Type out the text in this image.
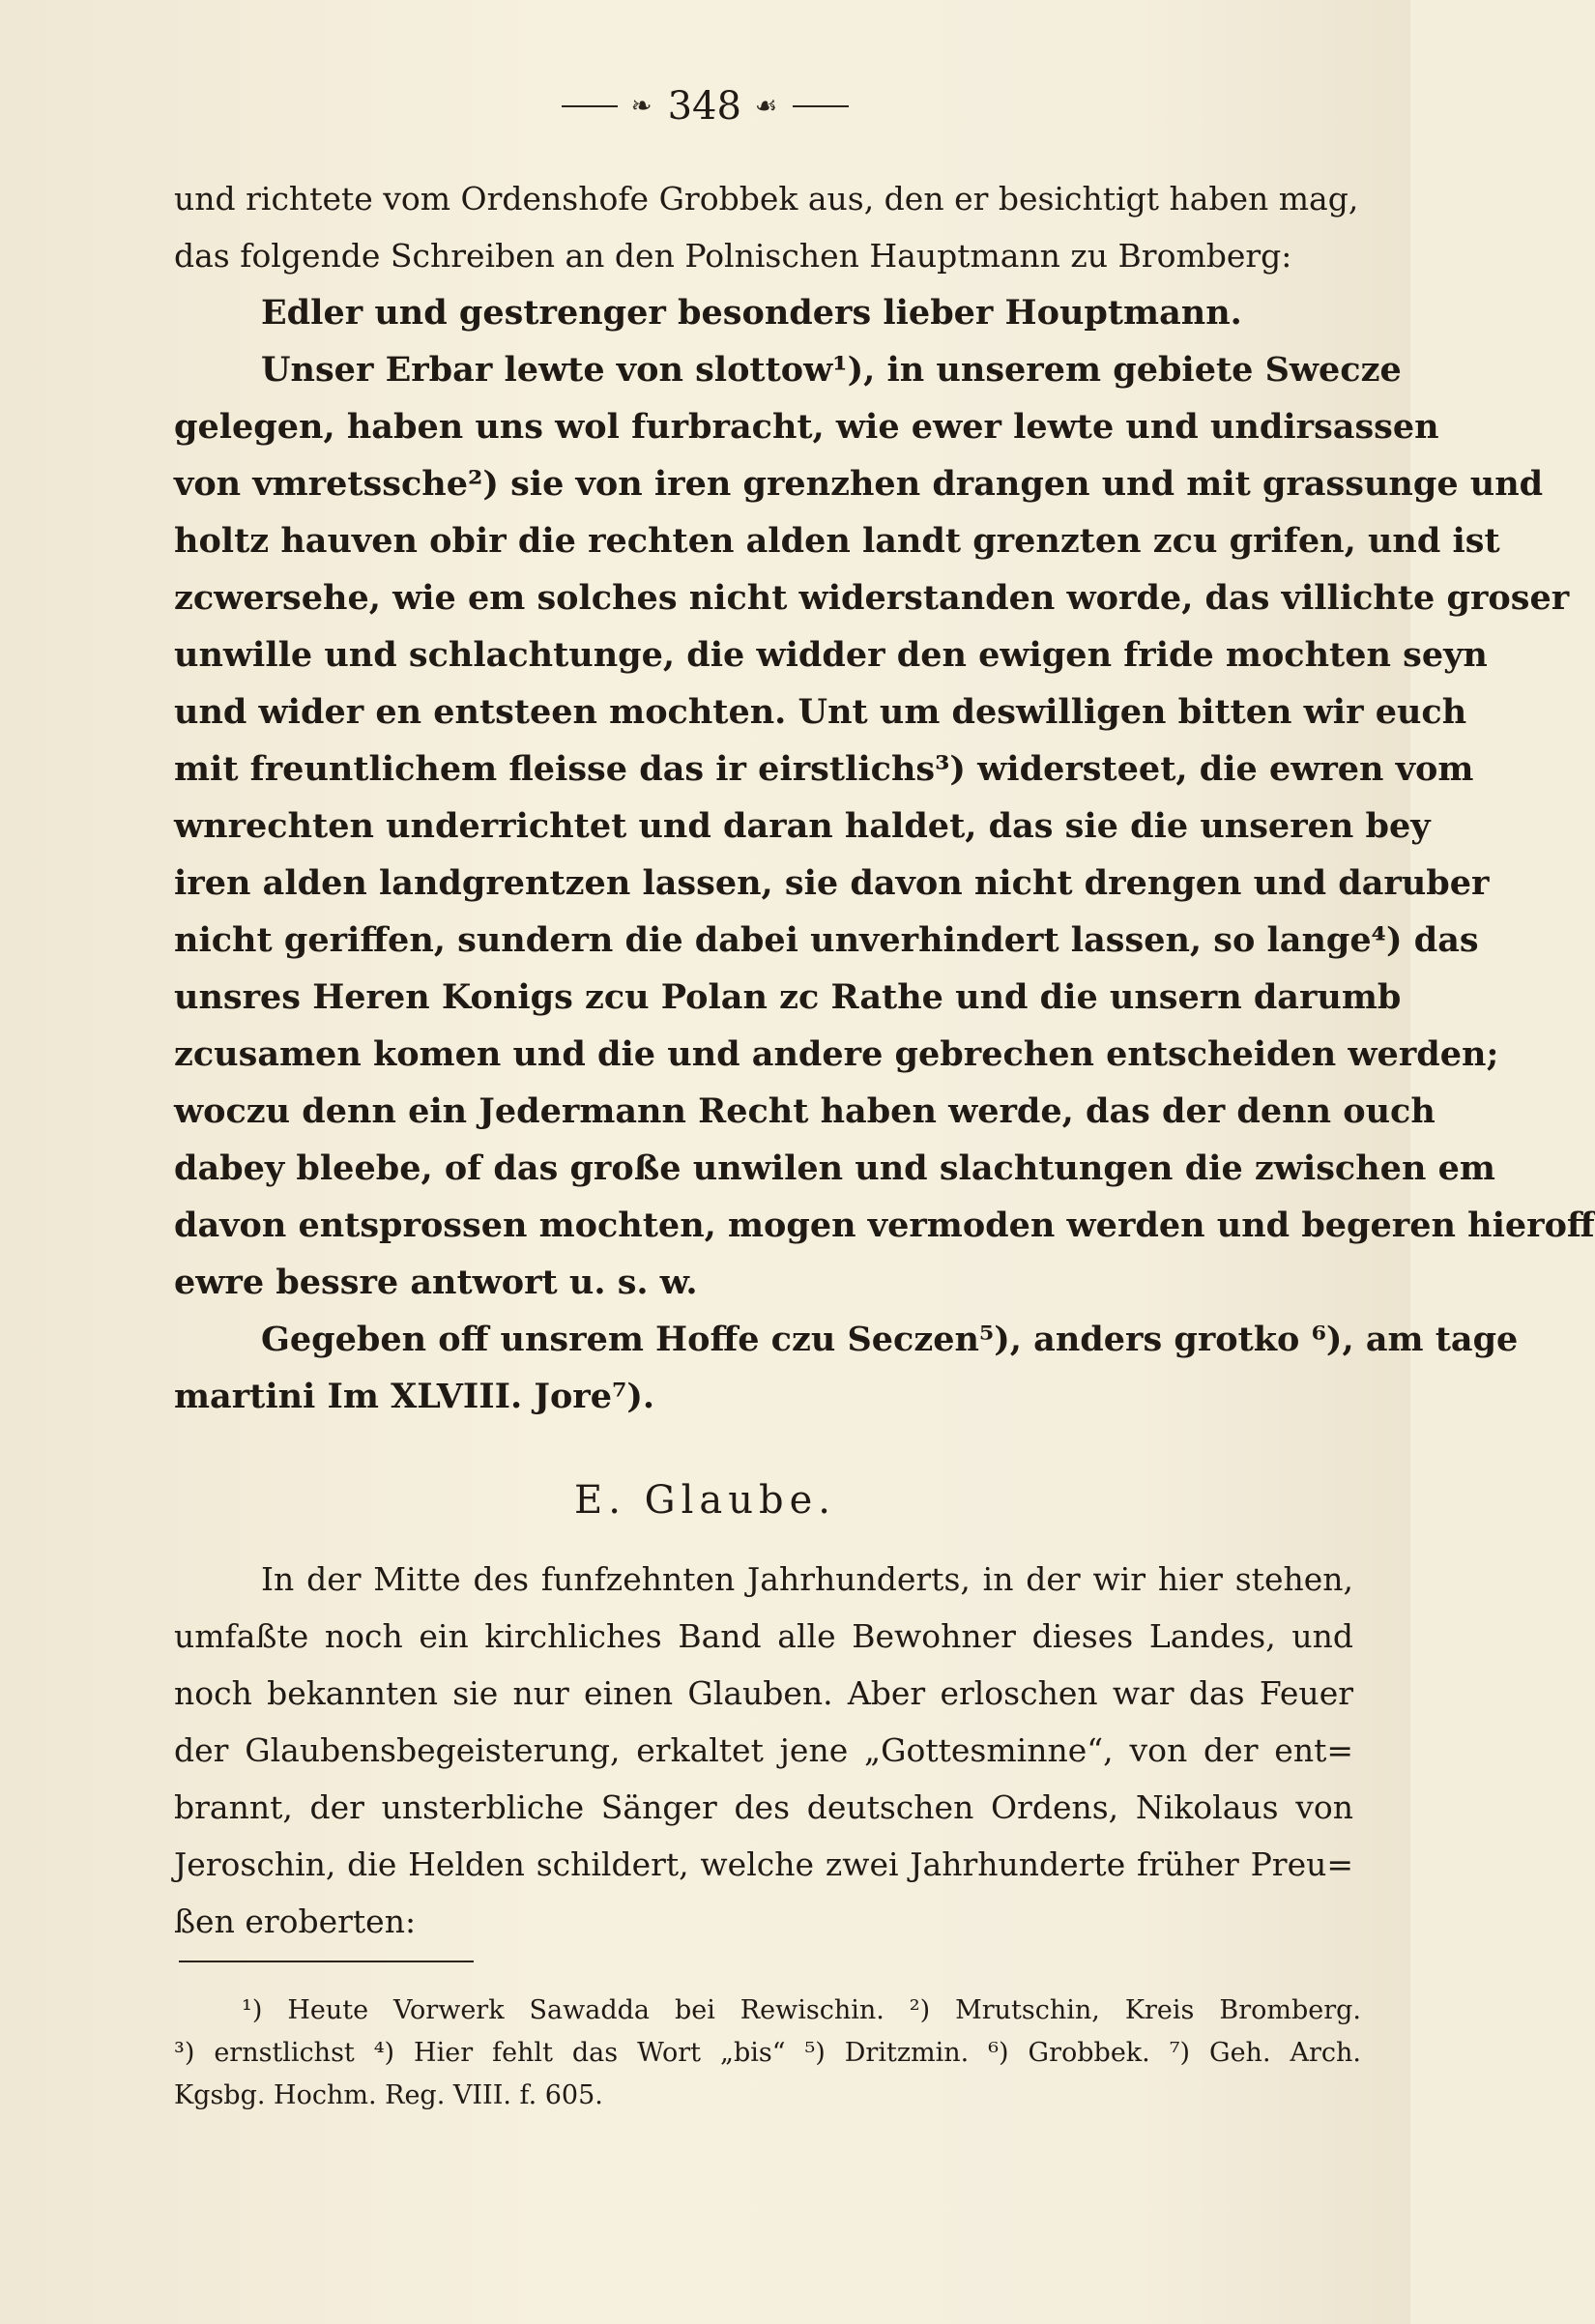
❧ 348 ☙
und richtete vom Ordenshofe Grobbek aus, den er besichtigt haben mag,
das folgende Schreiben an den Polnischen Hauptmann zu Bromberg:
Edler und gestrenger besonders lieber Houptmann.
Unser Erbar lewte von slottow¹), in unserem gebiete Swecze
gelegen, haben uns wol furbracht, wie ewer lewte und undirsassen
von vmretssche²) sie von iren grenzhen drangen und mit grassunge und
holtz hauven obir die rechten alden landt grenzten zcu grifen, und ist
zcwersehe, wie em solches nicht widerstanden worde, das villichte groser
unwille und schlachtunge, die widder den ewigen fride mochten seyn
und wider en entsteen mochten. Unt um deswilligen bitten wir euch
mit freuntlichem fleisse das ir eirstlichs³) widersteet, die ewren vom
wnrechten underrichtet und daran haldet, das sie die unseren bey
iren alden landgrentzen lassen, sie davon nicht drengen und daruber
nicht geriffen, sundern die dabei unverhindert lassen, so lange⁴) das
unsres Heren Konigs zcu Polan zc Rathe und die unsern darumb
zcusamen komen und die und andere gebrechen entscheiden werden;
woczu denn ein Jedermann Recht haben werde, das der denn ouch
dabey bleebe, of das große unwilen und slachtungen die zwischen em
davon entsprossen mochten, mogen vermoden werden und begeren hieroff
ewre bessre antwort u. s. w.
Gegeben off unsrem Hoffe czu Seczen⁵), anders grotko ⁶), am tage
martini Im XLVIII. Jore⁷).
E. Glaube.
In der Mitte des funfzehnten Jahrhunderts, in der wir hier stehen,
umfaßte noch ein kirchliches Band alle Bewohner dieses Landes, und
noch bekannten sie nur einen Glauben. Aber erloschen war das Feuer
der Glaubensbegeisterung, erkaltet jene „Gottesminne“, von der ent=
brannt, der unsterbliche Sänger des deutschen Ordens, Nikolaus von
Jeroschin, die Helden schildert, welche zwei Jahrhunderte früher Preu=
ßen eroberten:
¹) Heute Vorwerk Sawadda bei Rewischin. ²) Mrutschin, Kreis Bromberg.
³) ernstlichst ⁴) Hier fehlt das Wort „bis“ ⁵) Dritzmin. ⁶) Grobbek. ⁷) Geh. Arch.
Kgsbg. Hochm. Reg. VIII. f. 605.
